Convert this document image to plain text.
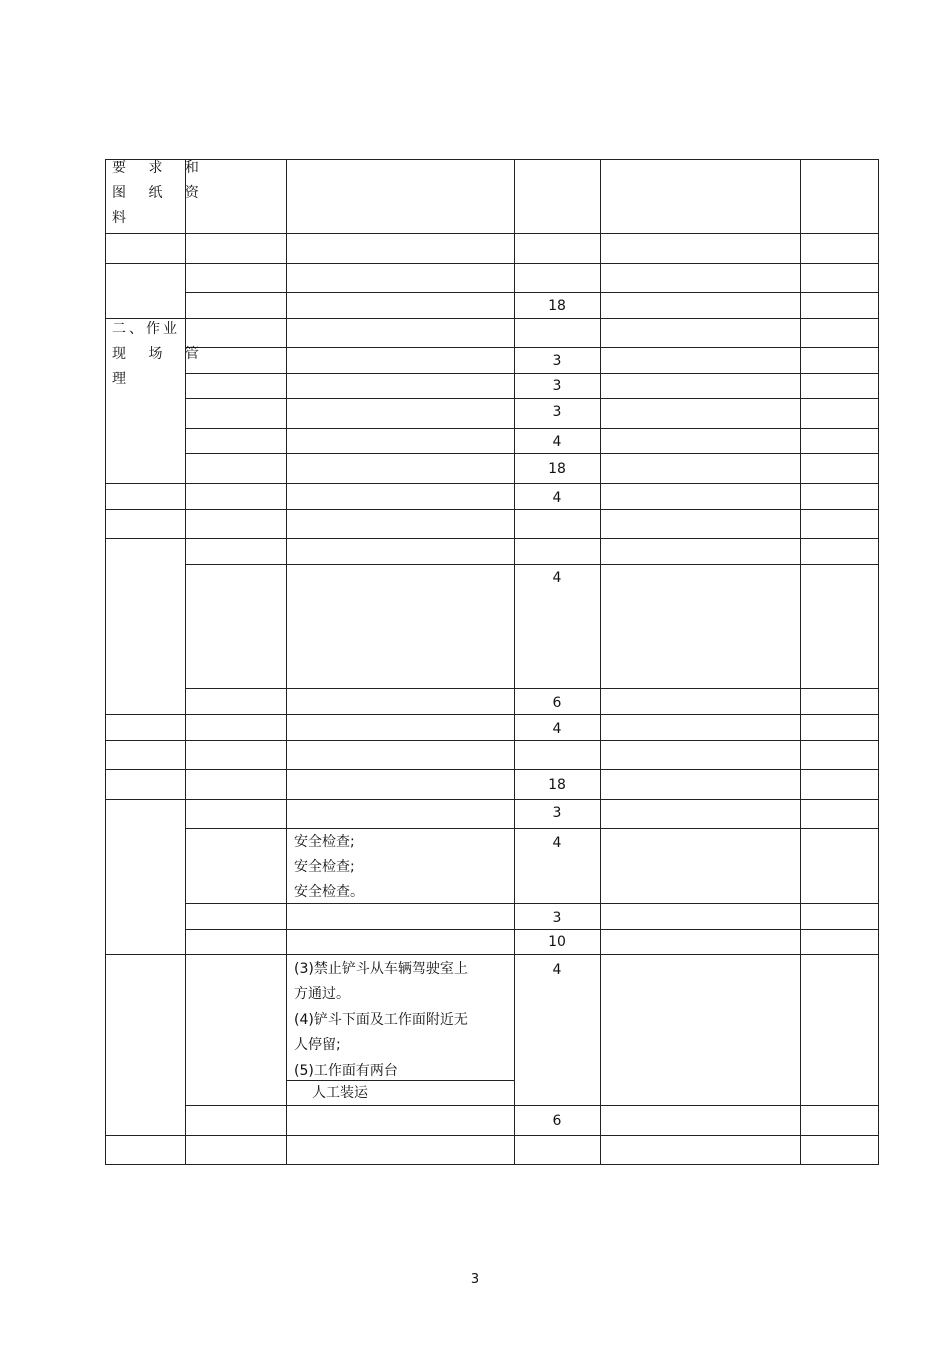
要 求 和
图 纸 资
料
二、作业
现 场 管
理
18
3
3
3
4
18
4
4
6
4
18
3
4
3
10
4
6
安全检查;
安全检查;
安全检查。
(3)禁止铲斗从车辆驾驶室上
方通过。
(4)铲斗下面及工作面附近无
人停留;
(5)工作面有两台
人工装运
3
